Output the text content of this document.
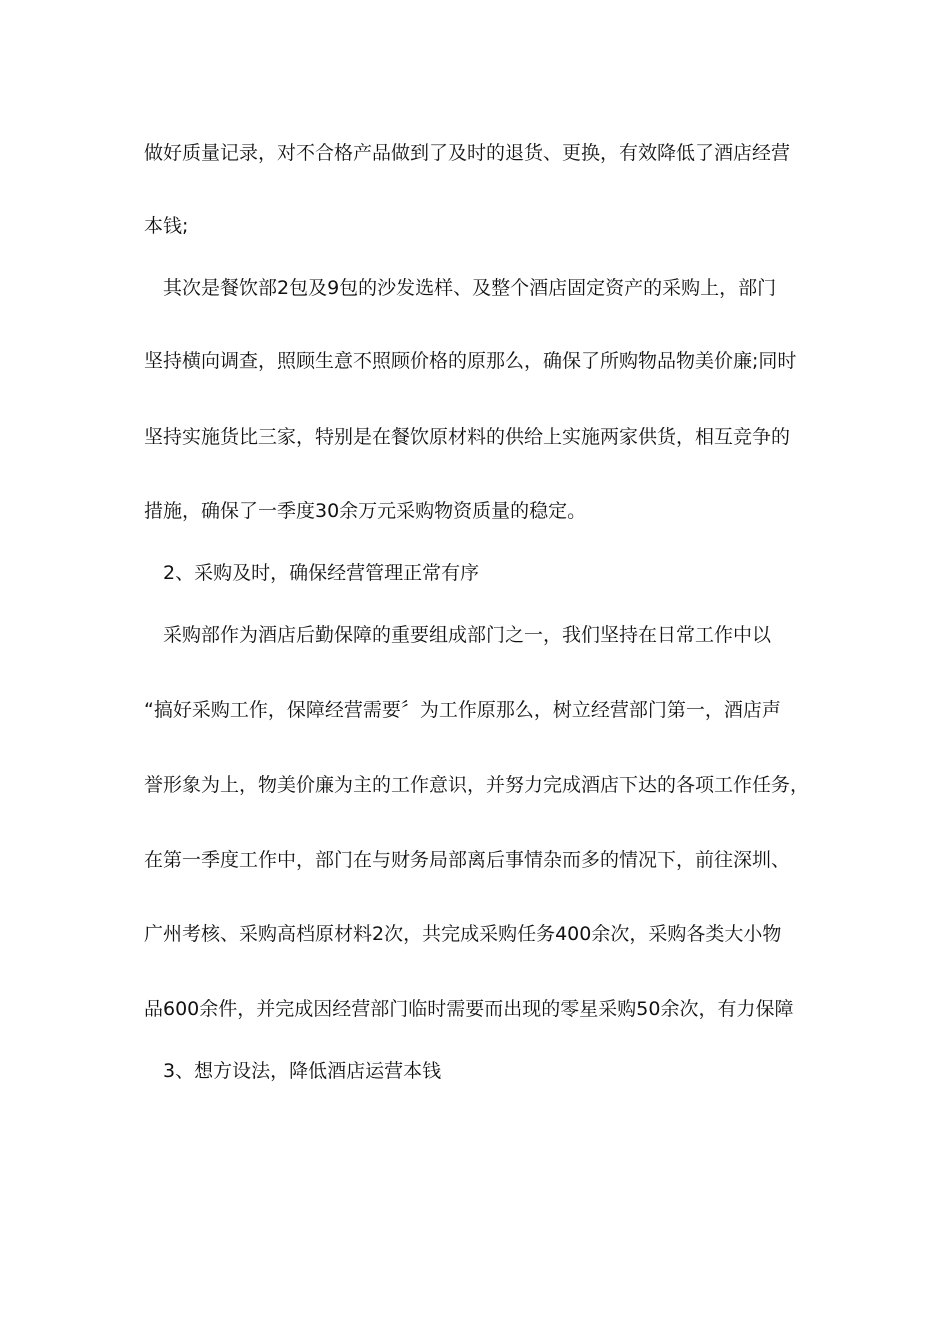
做好质量记录，对不合格产品做到了及时的退货、更换，有效降低了酒店经营
本钱;
其次是餐饮部2包及9包的沙发选样、及整个酒店固定资产的采购上，部门
坚持横向调查，照顾生意不照顾价格的原那么，确保了所购物品物美价廉;同时
坚持实施货比三家，特别是在餐饮原材料的供给上实施两家供货，相互竞争的
措施，确保了一季度30余万元采购物资质量的稳定。
2、采购及时，确保经营管理正常有序
采购部作为酒店后勤保障的重要组成部门之一，我们坚持在日常工作中以
“搞好采购工作，保障经营需要〞为工作原那么，树立经营部门第一，酒店声
誉形象为上，物美价廉为主的工作意识，并努力完成酒店下达的各项工作任务，
在第一季度工作中，部门在与财务局部离后事情杂而多的情况下，前往深圳、
广州考核、采购高档原材料2次，共完成采购任务400余次，采购各类大小物
品600余件，并完成因经营部门临时需要而出现的零星采购50余次，有力保障
3、想方设法，降低酒店运营本钱
